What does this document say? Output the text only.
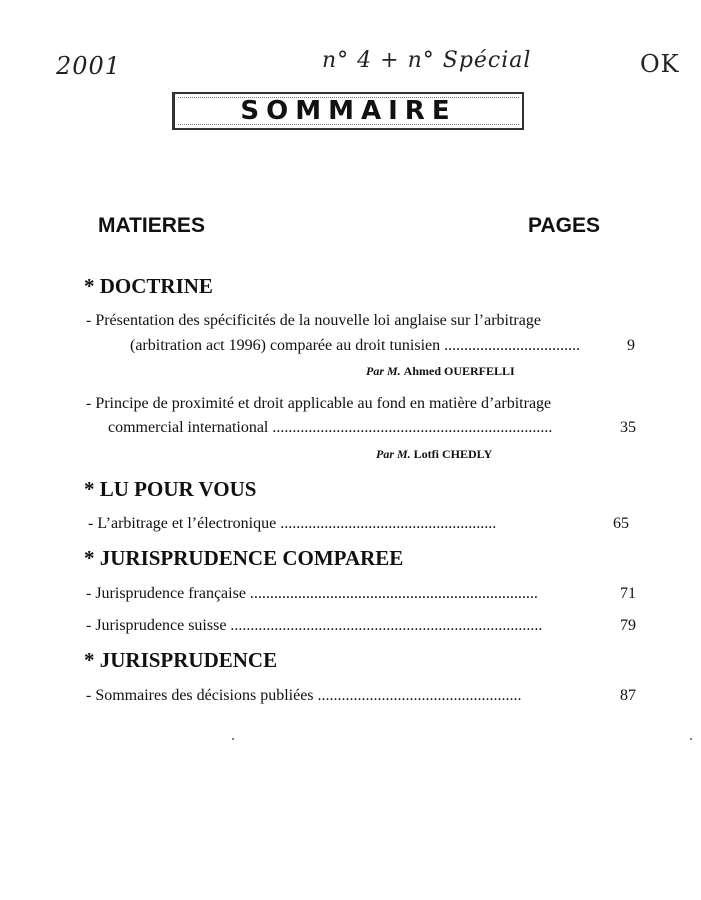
2001	n° 4 + n° Spécial	OK
SOMMAIRE
MATIERES	PAGES
* DOCTRINE
- Présentation des spécificités de la nouvelle loi anglaise sur l’arbitrage
(arbitration act 1996) comparée au droit tunisien ..................................	9
Par M. Ahmed OUERFELLI
- Principe de proximité et droit applicable au fond en matière d’arbitrage
commercial international ......................................................................	35
Par M. Lotfi CHEDLY
* LU POUR VOUS
- L’arbitrage et l’électronique ......................................................	65
* JURISPRUDENCE COMPAREE
- Jurisprudence française ........................................................................	71
- Jurisprudence suisse ..............................................................................	79
* JURISPRUDENCE
- Sommaires des décisions publiées ...................................................	87
